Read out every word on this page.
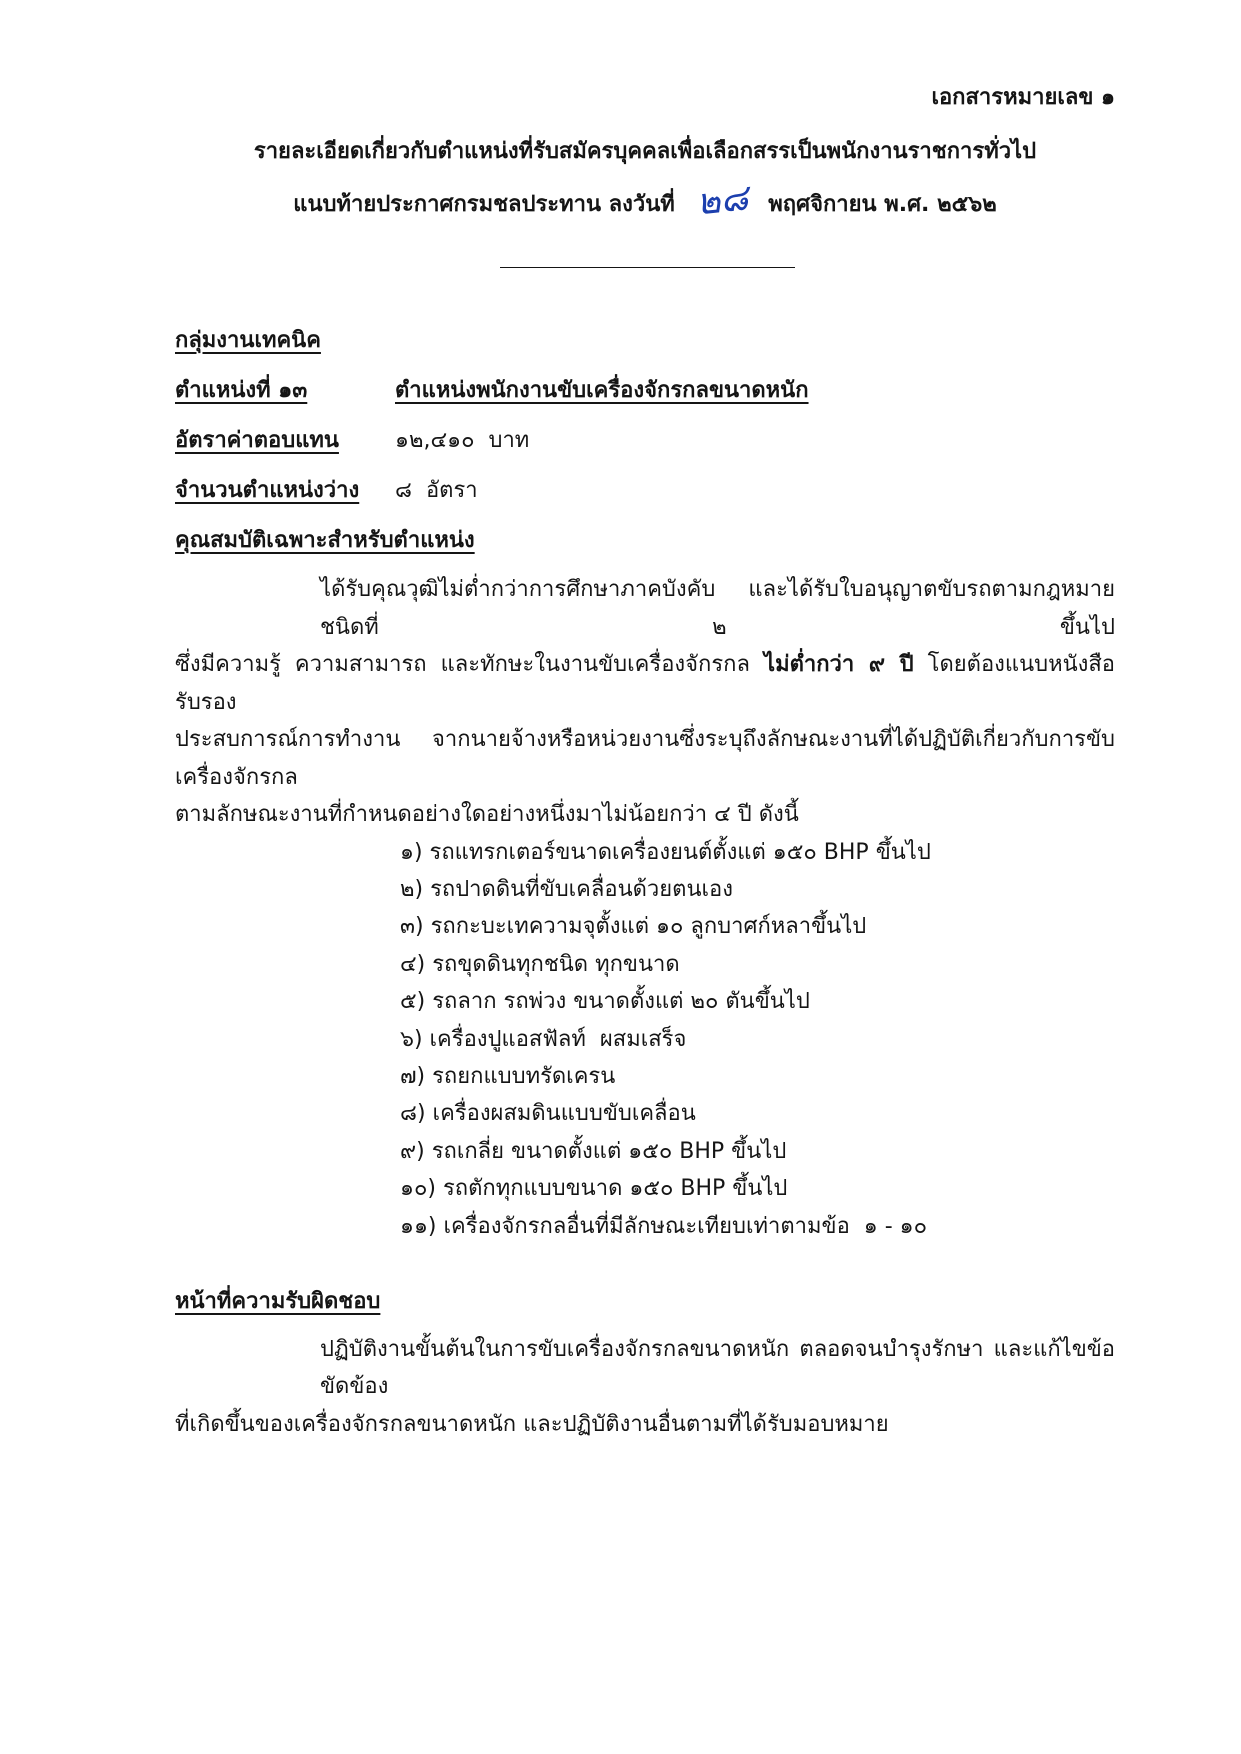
เอกสารหมายเลข ๑
รายละเอียดเกี่ยวกับตำแหน่งที่รับสมัครบุคคลเพื่อเลือกสรรเป็นพนักงานราชการทั่วไป
แนบท้ายประกาศกรมชลประทาน ลงวันที่ ๒๘ พฤศจิกายน พ.ศ. ๒๕๖๒
กลุ่มงานเทคนิค
ตำแหน่งที่ ๑๓	ตำแหน่งพนักงานขับเครื่องจักรกลขนาดหนัก
อัตราค่าตอบแทน	๑๒,๔๑๐  บาท
จำนวนตำแหน่งว่าง ๘  อัตรา
คุณสมบัติเฉพาะสำหรับตำแหน่ง
ได้รับคุณวุฒิไม่ต่ำกว่าการศึกษาภาคบังคับ และได้รับใบอนุญาตขับรถตามกฎหมาย ชนิดที่ ๒ ขึ้นไป
ซึ่งมีความรู้ ความสามารถ และทักษะในงานขับเครื่องจักรกล ไม่ต่ำกว่า ๙ ปี โดยต้องแนบหนังสือรับรอง
ประสบการณ์การทำงาน จากนายจ้างหรือหน่วยงานซึ่งระบุถึงลักษณะงานที่ได้ปฏิบัติเกี่ยวกับการขับเครื่องจักรกล
ตามลักษณะงานที่กำหนดอย่างใดอย่างหนึ่งมาไม่น้อยกว่า ๔ ปี ดังนี้
๑) รถแทรกเตอร์ขนาดเครื่องยนต์ตั้งแต่ ๑๕๐ BHP ขึ้นไป
๒) รถปาดดินที่ขับเคลื่อนด้วยตนเอง
๓) รถกะบะเทความจุตั้งแต่ ๑๐ ลูกบาศก์หลาขึ้นไป
๔) รถขุดดินทุกชนิด ทุกขนาด
๕) รถลาก รถพ่วง ขนาดตั้งแต่ ๒๐ ตันขึ้นไป
๖) เครื่องปูแอสฟัลท์  ผสมเสร็จ
๗) รถยกแบบทรัดเครน
๘) เครื่องผสมดินแบบขับเคลื่อน
๙) รถเกลี่ย ขนาดตั้งแต่ ๑๕๐ BHP ขึ้นไป
๑๐) รถตักทุกแบบขนาด ๑๕๐ BHP ขึ้นไป
๑๑) เครื่องจักรกลอื่นที่มีลักษณะเทียบเท่าตามข้อ  ๑ - ๑๐
หน้าที่ความรับผิดชอบ
ปฏิบัติงานขั้นต้นในการขับเครื่องจักรกลขนาดหนัก ตลอดจนบำรุงรักษา และแก้ไขข้อขัดข้อง
ที่เกิดขึ้นของเครื่องจักรกลขนาดหนัก และปฏิบัติงานอื่นตามที่ได้รับมอบหมาย
